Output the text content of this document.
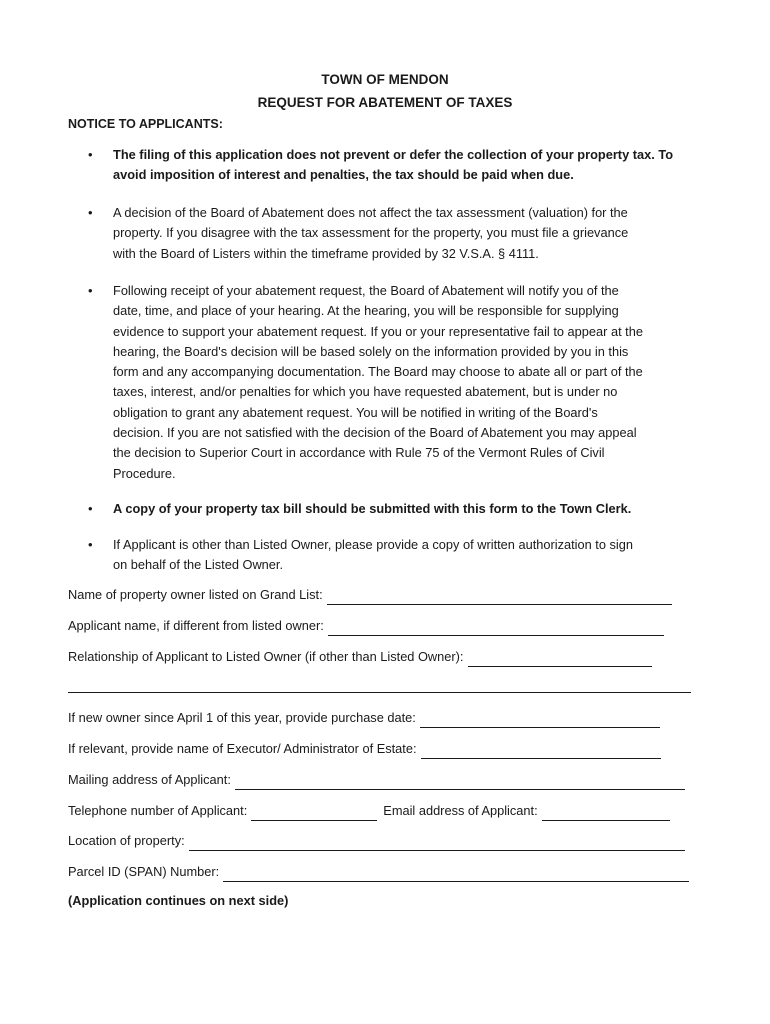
TOWN OF MENDON
REQUEST FOR ABATEMENT OF TAXES
NOTICE TO APPLICANTS:
• The filing of this application does not prevent or defer the collection of your property tax. To
avoid imposition of interest and penalties, the tax should be paid when due.
• A decision of the Board of Abatement does not affect the tax assessment (valuation) for the
property. If you disagree with the tax assessment for the property, you must file a grievance
with the Board of Listers within the timeframe provided by 32 V.S.A. § 4111.
• Following receipt of your abatement request, the Board of Abatement will notify you of the
date, time, and place of your hearing. At the hearing, you will be responsible for supplying
evidence to support your abatement request. If you or your representative fail to appear at the
hearing, the Board's decision will be based solely on the information provided by you in this
form and any accompanying documentation. The Board may choose to abate all or part of the
taxes, interest, and/or penalties for which you have requested abatement, but is under no
obligation to grant any abatement request. You will be notified in writing of the Board's
decision. If you are not satisfied with the decision of the Board of Abatement you may appeal
the decision to Superior Court in accordance with Rule 75 of the Vermont Rules of Civil
Procedure.
• A copy of your property tax bill should be submitted with this form to the Town Clerk.
• If Applicant is other than Listed Owner, please provide a copy of written authorization to sign
on behalf of the Listed Owner.
Name of property owner listed on Grand List:
Applicant name, if different from listed owner:
Relationship of Applicant to Listed Owner (if other than Listed Owner):
If new owner since April 1 of this year, provide purchase date:
If relevant, provide name of Executor/ Administrator of Estate:
Mailing address of Applicant:
Telephone number of Applicant:	Email address of Applicant:
Location of property:
Parcel ID (SPAN) Number:
(Application continues on next side)
